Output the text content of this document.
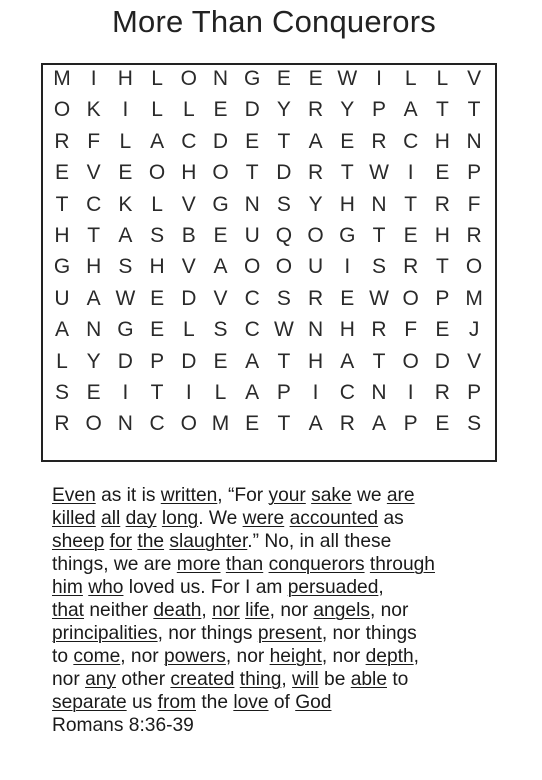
More Than Conquerors
M I	H L O N G E E W I	L L V
O K	I	L L E D Y R Y P A T T
R F L A C D E T A E R C H N
E V E O H O T D R T W I	E P
T C K L V G N S Y H N T R F
H T A S B E U Q O G T E H R
G H S H V A O O U	I	S R T O
U A W E D V C S R E W O P M
A N G E L S C W N H R F E J
L Y D P D E A T H A T O D V
S E	I	T	I	L A P	I	C N	I	R P
R O N C O M E T A R A P E S
Even as it is written, “For your sake we are
killed all day long. We were accounted as
sheep for the slaughter.” No, in all these
things, we are more than conquerors through
him who loved us. For I am persuaded,
that neither death, nor life, nor angels, nor
principalities, nor things present, nor things
to come, nor powers, nor height, nor depth,
nor any other created thing, will be able to
separate us from the love of God
Romans 8:36-39
